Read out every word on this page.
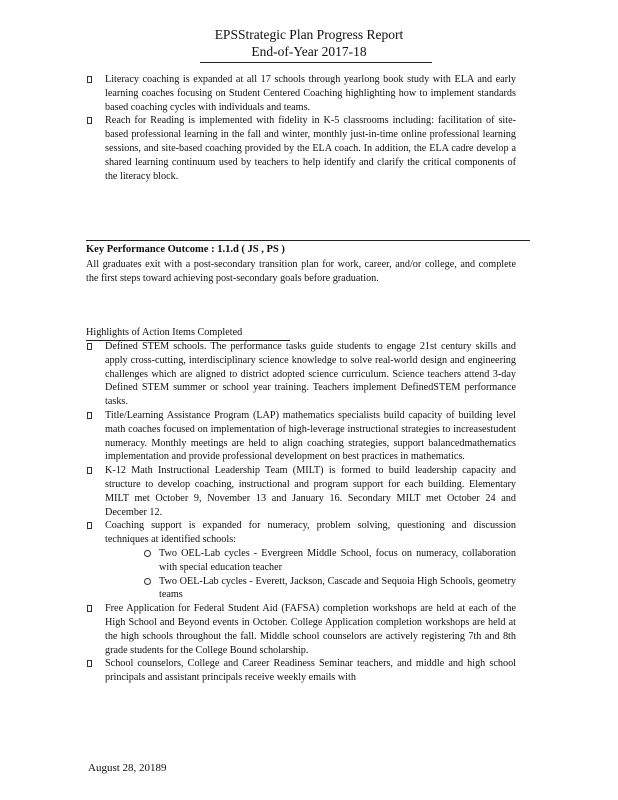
EPSStrategic Plan Progress Report
End-of-Year 2017-18

Literacy coaching is expanded at all 17 schools through yearlong book study with ELA and early learning coaches focusing on Student Centered Coaching highlighting how to implement standards based coaching cycles with individuals and teams.

Reach for Reading is implemented with fidelity in K-5 classrooms including: facilitation of site-based professional learning in the fall and winter, monthly just-in-time online professional learning sessions, and site-based coaching provided by the ELA coach. In addition, the ELA cadre develop a shared learning continuum used by teachers to help identify and clarify the critical components of the literacy block.

Key Performance Outcome : 1.1.d ( JS , PS )

All graduates exit with a post-secondary transition plan for work, career, and/or college, and complete the first steps toward achieving post-secondary goals before graduation.

Highlights of Action Items Completed

Defined STEM schools. The performance tasks guide students to engage 21st century skills and apply cross-cutting, interdisciplinary science knowledge to solve real-world design and engineering challenges which are aligned to district adopted science curriculum. Science teachers attend 3-day Defined STEM summer or school year training. Teachers implement DefinedSTEM performance tasks.

Title/Learning Assistance Program (LAP) mathematics specialists build capacity of building level math coaches focused on implementation of high-leverage instructional strategies to increasestudent numeracy. Monthly meetings are held to align coaching strategies, support balancedmathematics implementation and provide professional development on best practices in mathematics.

K-12 Math Instructional Leadership Team (MILT) is formed to build leadership capacity and structure to develop coaching, instructional and program support for each building. Elementary MILT met October 9, November 13 and January 16. Secondary MILT met October 24 and December 12.

Coaching support is expanded for numeracy, problem solving, questioning and discussion techniques at identified schools:

Two OEL-Lab cycles - Evergreen Middle School, focus on numeracy, collaboration with special education teacher

Two OEL-Lab cycles - Everett, Jackson, Cascade and Sequoia High Schools, geometry teams

Free Application for Federal Student Aid (FAFSA) completion workshops are held at each of the High School and Beyond events in October. College Application completion workshops are held at the high schools throughout the fall. Middle school counselors are actively registering 7th and 8th grade students for the College Bound scholarship.

School counselors, College and Career Readiness Seminar teachers, and middle and high school principals and assistant principals receive weekly emails with

August 28, 20189
